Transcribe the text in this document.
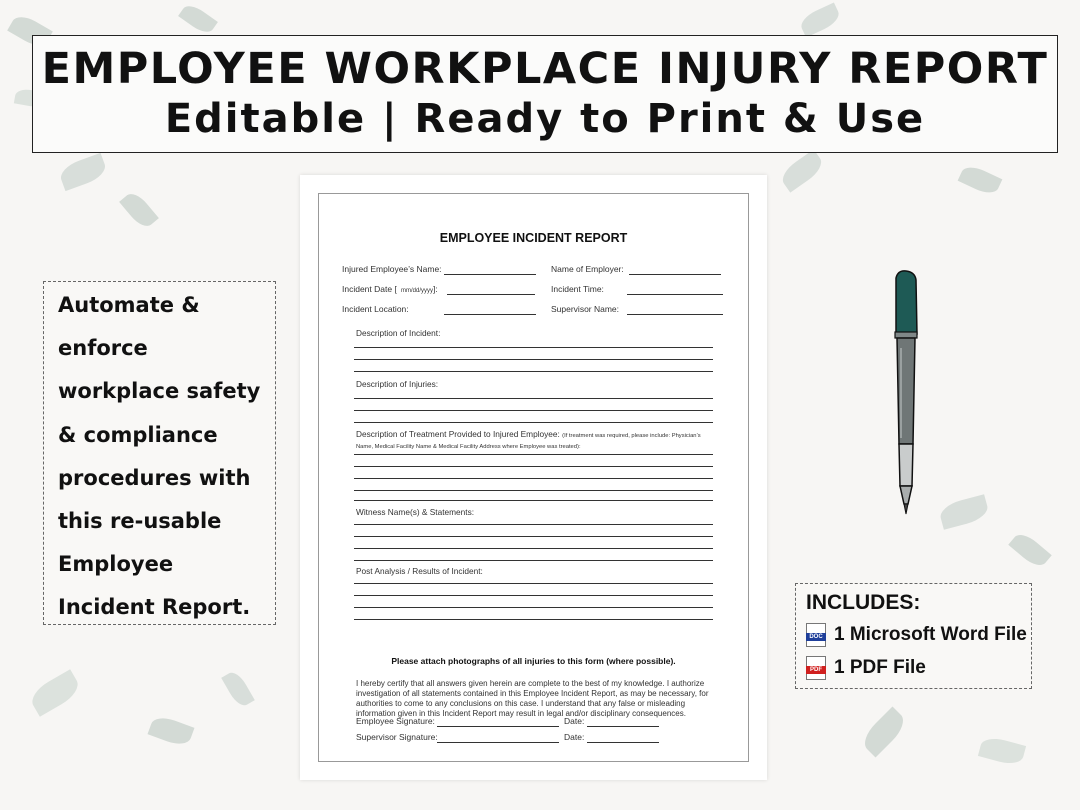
EMPLOYEE WORKPLACE INJURY REPORT
Editable | Ready to Print & Use

Automate & enforce workplace safety & compliance procedures with this re-usable Employee Incident Report.

EMPLOYEE INCIDENT REPORT
Injured Employee’s Name:	Name of Employer:
Incident Date [ mm/dd/yyyy]:	Incident Time:
Incident Location:	Supervisor Name:
Description of Incident:
Description of Injuries:
Description of Treatment Provided to Injured Employee: (If treatment was required, please include: Physician’s Name, Medical Facility Name & Medical Facility Address where Employee was treated):
Witness Name(s) & Statements:
Post Analysis / Results of Incident:
Please attach photographs of all injuries to this form (where possible).
I hereby certify that all answers given herein are complete to the best of my knowledge. I authorize investigation of all statements contained in this Employee Incident Report, as may be necessary, for authorities to come to any conclusions on this case. I understand that any false or misleading information given in this Incident Report may result in legal and/or disciplinary consequences.
Employee Signature:	Date:
Supervisor Signature:	Date:
INCLUDES:
DOC 1 Microsoft Word File
PDF 1 PDF File
